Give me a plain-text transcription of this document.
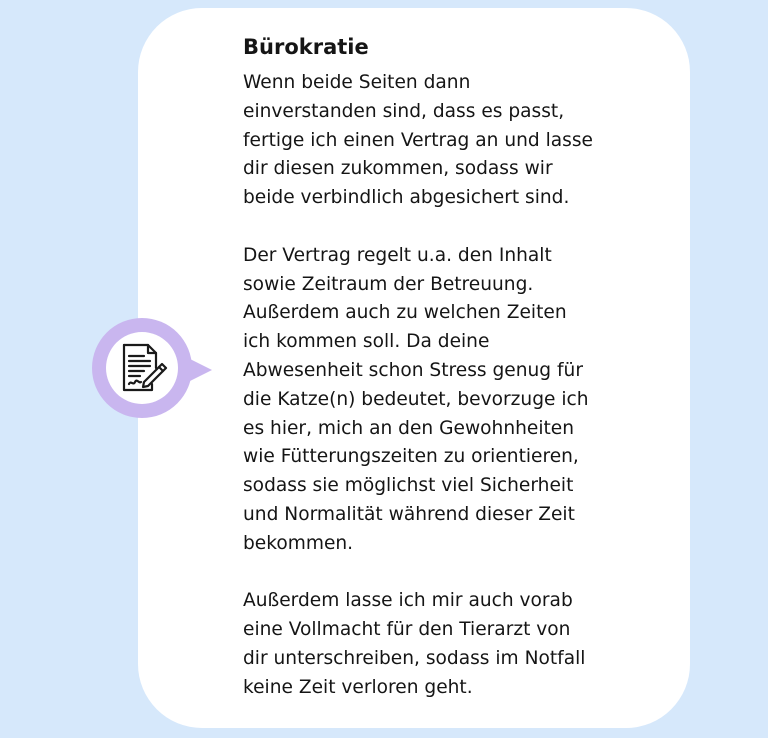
Bürokratie

Wenn beide Seiten dann
einverstanden sind, dass es passt,
fertige ich einen Vertrag an und lasse
dir diesen zukommen, sodass wir
beide verbindlich abgesichert sind.

Der Vertrag regelt u.a. den Inhalt
sowie Zeitraum der Betreuung.
Außerdem auch zu welchen Zeiten
ich kommen soll. Da deine
Abwesenheit schon Stress genug für
die Katze(n) bedeutet, bevorzuge ich
es hier, mich an den Gewohnheiten
wie Fütterungszeiten zu orientieren,
sodass sie möglichst viel Sicherheit
und Normalität während dieser Zeit
bekommen.

Außerdem lasse ich mir auch vorab
eine Vollmacht für den Tierarzt von
dir unterschreiben, sodass im Notfall
keine Zeit verloren geht.
